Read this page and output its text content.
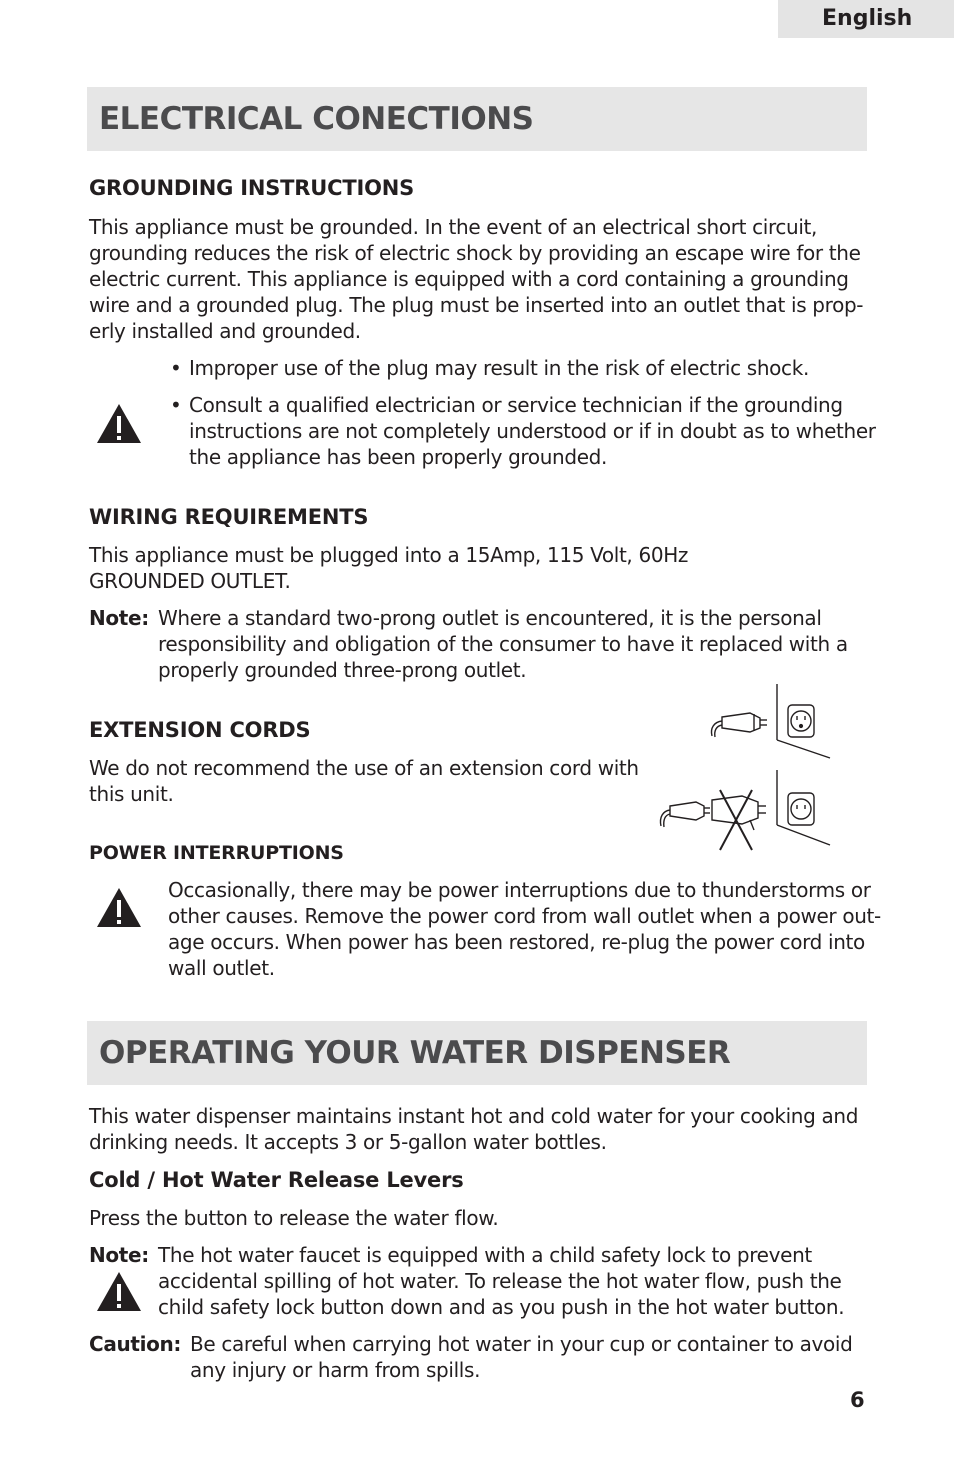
English
ELECTRICAL CONECTIONS
GROUNDING INSTRUCTIONS
This appliance must be grounded. In the event of an electrical short circuit,
grounding reduces the risk of electric shock by providing an escape wire for the
electric current. This appliance is equipped with a cord containing a grounding
wire and a grounded plug. The plug must be inserted into an outlet that is prop-
erly installed and grounded.
• Improper use of the plug may result in the risk of electric shock.
• Consult a qualified electrician or service technician if the grounding
instructions are not completely understood or if in doubt as to whether
the appliance has been properly grounded.
WIRING REQUIREMENTS
This appliance must be plugged into a 15Amp, 115 Volt, 60Hz
GROUNDED OUTLET.
Note: Where a standard two-prong outlet is encountered, it is the personal
responsibility and obligation of the consumer to have it replaced with a
properly grounded three-prong outlet.
EXTENSION CORDS
We do not recommend the use of an extension cord with
this unit.
POWER INTERRUPTIONS
Occasionally, there may be power interruptions due to thunderstorms or
other causes. Remove the power cord from wall outlet when a power out-
age occurs. When power has been restored, re-plug the power cord into
wall outlet.
OPERATING YOUR WATER DISPENSER
This water dispenser maintains instant hot and cold water for your cooking and
drinking needs. It accepts 3 or 5-gallon water bottles.
Cold / Hot Water Release Levers
Press the button to release the water flow.
Note: The hot water faucet is equipped with a child safety lock to prevent
accidental spilling of hot water. To release the hot water flow, push the
child safety lock button down and as you push in the hot water button.
Caution: Be careful when carrying hot water in your cup or container to avoid
any injury or harm from spills.
6
